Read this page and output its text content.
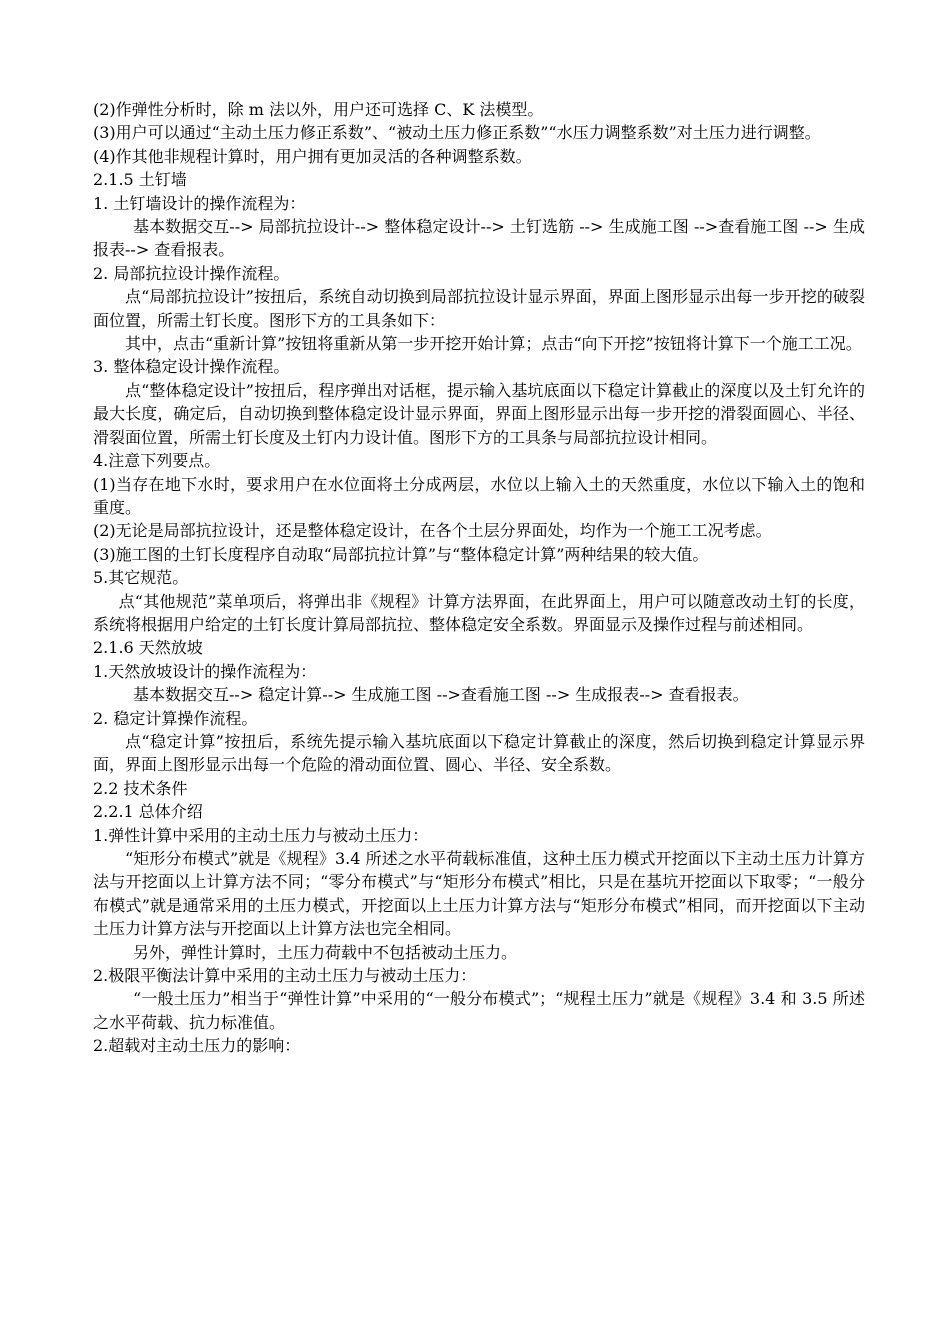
(2)作弹性分析时，除 m 法以外，用户还可选择 C、K 法模型。

(3)用户可以通过“主动土压力修正系数”、“被动土压力修正系数”“水压力调整系数”对土压力进行调整。

(4)作其他非规程计算时，用户拥有更加灵活的各种调整系数。

2.1.5 土钉墙

1. 土钉墙设计的操作流程为：

基本数据交互--> 局部抗拉设计--> 整体稳定设计--> 土钉选筋 --> 生成施工图 -->查看施工图 --> 生成报表--> 查看报表。

2. 局部抗拉设计操作流程。

点“局部抗拉设计”按扭后，系统自动切换到局部抗拉设计显示界面，界面上图形显示出每一步开挖的破裂面位置，所需土钉长度。图形下方的工具条如下：

其中，点击“重新计算”按钮将重新从第一步开挖开始计算；点击“向下开挖”按钮将计算下一个施工工况。

3. 整体稳定设计操作流程。

点“整体稳定设计”按扭后，程序弹出对话框，提示输入基坑底面以下稳定计算截止的深度以及土钉允许的最大长度，确定后，自动切换到整体稳定设计显示界面，界面上图形显示出每一步开挖的滑裂面圆心、半径、滑裂面位置，所需土钉长度及土钉内力设计值。图形下方的工具条与局部抗拉设计相同。

4.注意下列要点。

(1)当存在地下水时，要求用户在水位面将土分成两层，水位以上输入土的天然重度，水位以下输入土的饱和重度。

(2)无论是局部抗拉设计，还是整体稳定设计，在各个土层分界面处，均作为一个施工工况考虑。

(3)施工图的土钉长度程序自动取“局部抗拉计算”与“整体稳定计算”两种结果的较大值。

5.其它规范。

点“其他规范”菜单项后，将弹出非《规程》计算方法界面，在此界面上，用户可以随意改动土钉的长度，系统将根据用户给定的土钉长度计算局部抗拉、整体稳定安全系数。界面显示及操作过程与前述相同。

2.1.6 天然放坡

1.天然放坡设计的操作流程为：

基本数据交互--> 稳定计算--> 生成施工图 -->查看施工图 --> 生成报表--> 查看报表。

2. 稳定计算操作流程。

点“稳定计算”按扭后，系统先提示输入基坑底面以下稳定计算截止的深度，然后切换到稳定计算显示界面，界面上图形显示出每一个危险的滑动面位置、圆心、半径、安全系数。

2.2 技术条件

2.2.1 总体介绍

1.弹性计算中采用的主动土压力与被动土压力：

“矩形分布模式”就是《规程》3.4 所述之水平荷载标准值，这种土压力模式开挖面以下主动土压力计算方法与开挖面以上计算方法不同；“零分布模式”与“矩形分布模式”相比，只是在基坑开挖面以下取零；“一般分布模式”就是通常采用的土压力模式，开挖面以上土压力计算方法与“矩形分布模式”相同，而开挖面以下主动土压力计算方法与开挖面以上计算方法也完全相同。

另外，弹性计算时，土压力荷载中不包括被动土压力。

2.极限平衡法计算中采用的主动土压力与被动土压力：

“一般土压力”相当于“弹性计算”中采用的“一般分布模式”；“规程土压力”就是《规程》3.4 和 3.5 所述之水平荷载、抗力标准值。

2.超载对主动土压力的影响：
